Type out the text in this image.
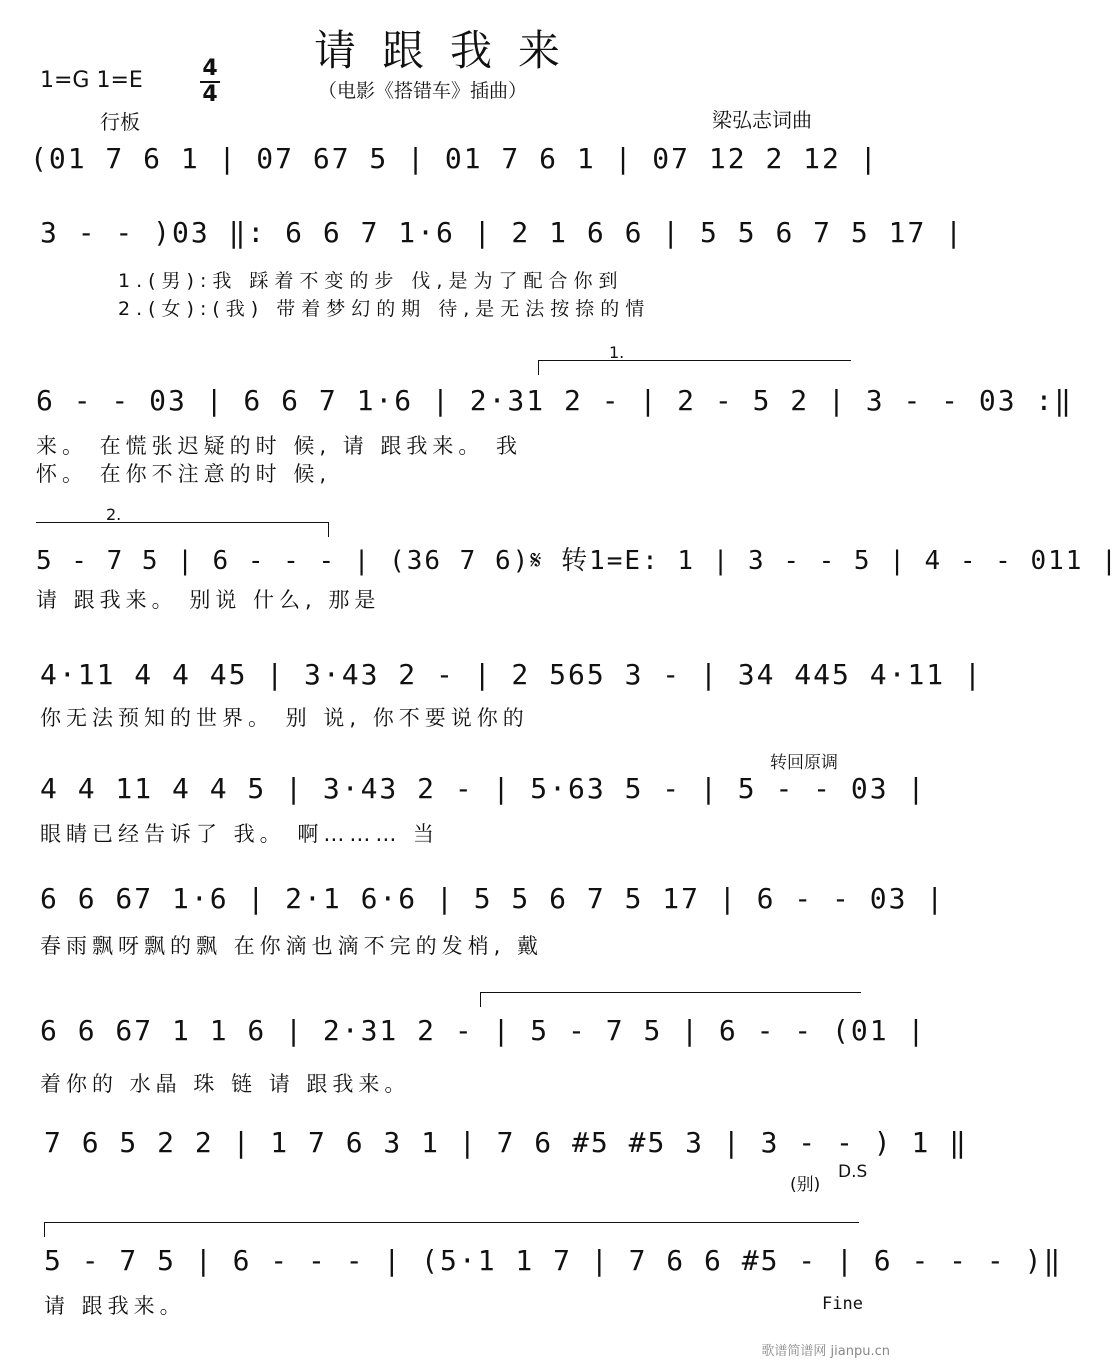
请跟我来
1=G 1=E	4
4	（电影《搭错车》插曲）
行板	梁弘志词曲
(01 7 6 1 | 07 67 5 | 01 7 6 1 | 07 12 2 12 |
3 - - )03 ‖: 6 6 7 1·6 | 2 1 6 6 | 5 5 6 7 5 17 |
1.(男):我 踩着不变的步 伐,是为了配合你到
2.(女):(我) 带着梦幻的期 待,是无法按捺的情
1.
6 - - 03 | 6 6 7 1·6 | 2·31 2 - | 2 - 5 2 | 3 - - 03 :‖
来。 在慌张迟疑的时 候, 请 跟我来。 我
怀。 在你不注意的时 候,
2.
5 - 7 5 | 6 - - - | (36 7 6)𝄋 转1=E: 1 | 3 - - 5 | 4 - - 011 |
请 跟我来。 别说 什么, 那是
4·11 4 4 45 | 3·43 2 - | 2 565 3 - | 34 445 4·11 |
你无法预知的世界。 别 说, 你不要说你的
转回原调
4 4 11 4 4 5 | 3·43 2 - | 5·63 5 - | 5 - - 03 |
眼睛已经告诉了 我。 啊……… 当
6 6 67 1·6 | 2·1 6·6 | 5 5 6 7 5 17 | 6 - - 03 |
春雨飘呀飘的飘 在你滴也滴不完的发梢, 戴
6 6 67 1 1 6 | 2·31 2 - | 5 - 7 5 | 6 - - (01 |
着你的 水晶 珠 链 请 跟我来。
7 6 5 2 2 | 1 7 6 3 1 | 7 6 #5 #5 3 | 3 - - ) 1 ‖
(别)
D.S
5 - 7 5 | 6 - - - | (5·1 1 7 | 7 6 6 #5 - | 6 - - - )‖
请 跟我来。	Fine
歌谱简谱网 jianpu.cn
